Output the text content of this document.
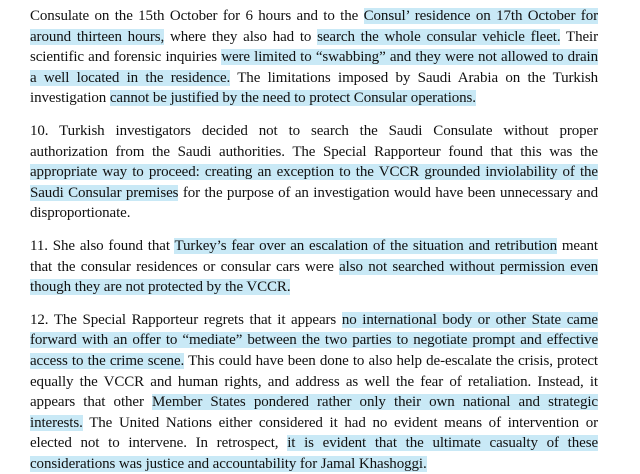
Consulate on the 15th October for 6 hours and to the Consul’ residence on 17th October for around thirteen hours, where they also had to search the whole consular vehicle fleet. Their scientific and forensic inquiries were limited to “swabbing” and they were not allowed to drain a well located in the residence. The limitations imposed by Saudi Arabia on the Turkish investigation cannot be justified by the need to protect Consular operations.

10. Turkish investigators decided not to search the Saudi Consulate without proper authorization from the Saudi authorities. The Special Rapporteur found that this was the appropriate way to proceed: creating an exception to the VCCR grounded inviolability of the Saudi Consular premises for the purpose of an investigation would have been unnecessary and disproportionate.

11. She also found that Turkey’s fear over an escalation of the situation and retribution meant that the consular residences or consular cars were also not searched without permission even though they are not protected by the VCCR.

12. The Special Rapporteur regrets that it appears no international body or other State came forward with an offer to “mediate” between the two parties to negotiate prompt and effective access to the crime scene. This could have been done to also help de-escalate the crisis, protect equally the VCCR and human rights, and address as well the fear of retaliation. Instead, it appears that other Member States pondered rather only their own national and strategic interests. The United Nations either considered it had no evident means of intervention or elected not to intervene. In retrospect, it is evident that the ultimate casualty of these considerations was justice and accountability for Jamal Khashoggi.
